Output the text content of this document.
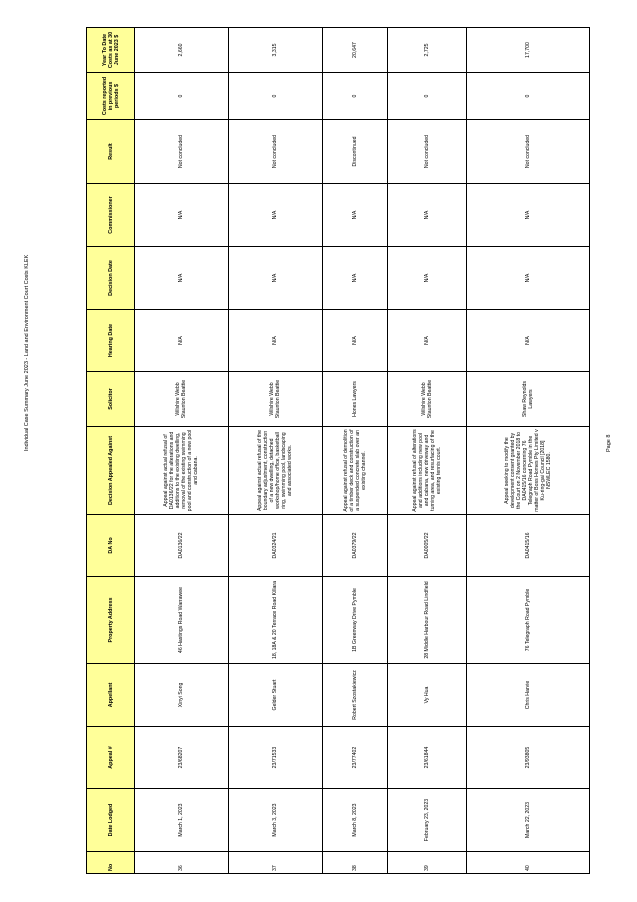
Individual Case Summary June 2023 - Land and Environment Court Costs KLEK
No	Date Lodged	Appeal #	Appellant	Property Address	DA No	Decision Appealed Against	Solicitor	Hearing Date	Decision Date	Commissioner	Result	Costs reported in previous periods $	Year To Date Costs as at 30 June 2023 $
36	March 1, 2023	23/68207	Xinyi Song	46 Hastings Road Warrawee	DA0136/22	Appeal against actual refusal of DA0136/22 for the alterations and additions to the existing dwelling, removal of the existing swimming pool and construction of a new pool and cabana.	Wilshire Webb Staunton Beattie	N/A	N/A	N/A	Not concluded	0	2,660
37	March 3, 2023	23/71533	Gelder Stuart	18, 18A & 20 Terrace Road Killara	DA0324/21	Appeal against actual refusal of the boundary adjustment, construction of a new dwelling, detached workshop/home office, basketball ring, swimming pool, landscaping and associated works.	Wilshire Webb Staunton Beattie	N/A	N/A	N/A	Not concluded	0	3,315
38	March 8, 2023	23/77402	Robert Szostakiewicz	1B Greenway Drive Pymble	DA0379/22	Appeal against refusal of demolition of a timber deck and construction of a suspended concrete slab over an existing channel.	Hones Lawyers	N/A	N/A	N/A	Discontinued	0	20,647
39	February 23, 2023	23/61844	Vy Hua	28 Middle Harbour Road Lindfield	DA0005/22	Appeal against refusal of alterations and additions including new pool and cabana, new driveway and turning area, and resurfacing of the existing tennis court.	Wilshire Webb Staunton Beattie	N/A	N/A	N/A	Not concluded	0	2,725
40	March 22, 2023	23/93805	Chris Harvie	76 Telegraph Road Pymble	DA0415/16	Appeal seeking to modify the development consent granted by the Court on 2 November 2018 to DA0415/16 concerning 76 Telegraph Road Pymble in the matter of Boss Homes Pty Limited v Ku-ring-gai Council [2018] NSWLEC 1580.	Shaw Reynolds Lawyers	N/A	N/A	N/A	Not concluded	0	17,700
Page 8
